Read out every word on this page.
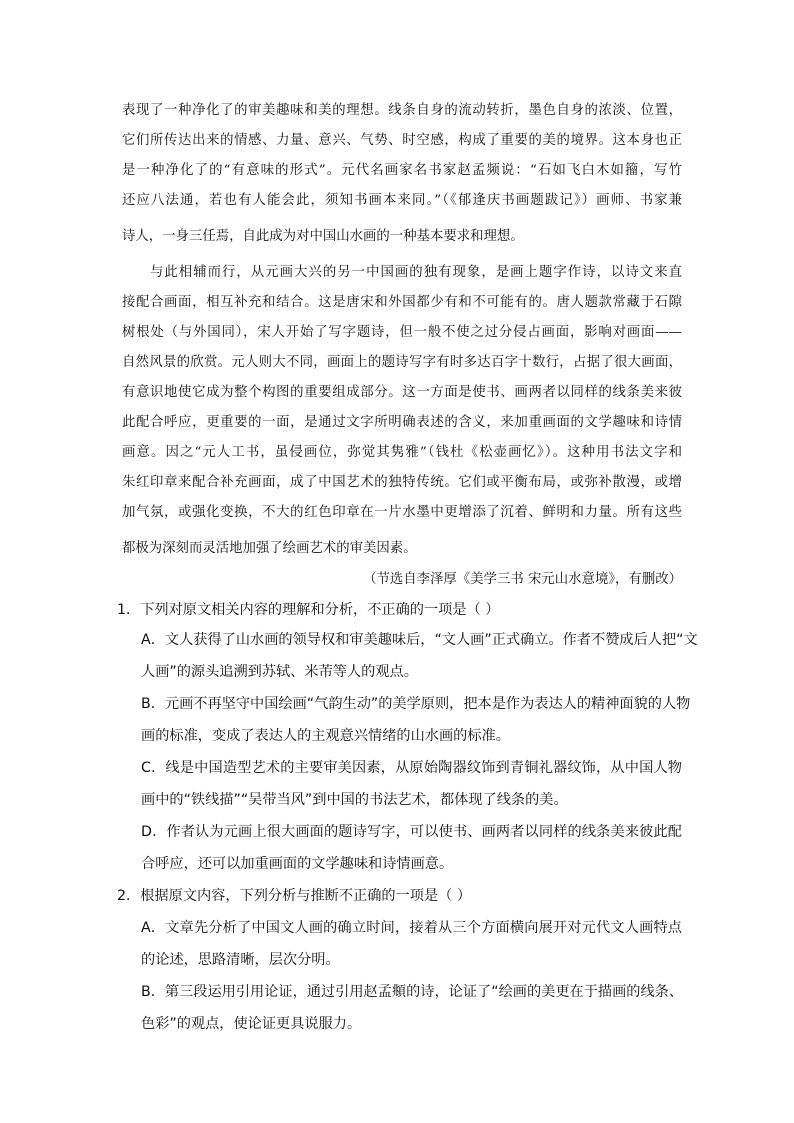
表现了一种净化了的审美趣味和美的理想。线条自身的流动转折，墨色自身的浓淡、位置，
它们所传达出来的情感、力量、意兴、气势、时空感，构成了重要的美的境界。这本身也正
是一种净化了的“有意味的形式”。元代名画家名书家赵孟频说：“石如飞白木如籀，写竹
还应八法通，若也有人能会此，须知书画本来同。”（《郁逢庆书画题跋记》）画师、书家兼
诗人，一身三任焉，自此成为对中国山水画的一种基本要求和理想。
与此相辅而行，从元画大兴的另一中国画的独有现象，是画上题字作诗，以诗文来直
接配合画面，相互补充和结合。这是唐宋和外国都少有和不可能有的。唐人题款常藏于石隙
树根处（与外国同），宋人开始了写字题诗，但一般不使之过分侵占画面，影响对画面——
自然风景的欣赏。元人则大不同，画面上的题诗写字有时多达百字十数行，占据了很大画面，
有意识地使它成为整个构图的重要组成部分。这一方面是使书、画两者以同样的线条美来彼
此配合呼应，更重要的一面，是通过文字所明确表述的含义，来加重画面的文学趣味和诗情
画意。因之“元人工书，虽侵画位，弥觉其隽雅”（钱杜《松壶画忆》）。这种用书法文字和
朱红印章来配合补充画面，成了中国艺术的独特传统。它们或平衡布局，或弥补散漫，或增
加气氛，或强化变换，不大的红色印章在一片水墨中更增添了沉着、鲜明和力量。所有这些
都极为深刻而灵活地加强了绘画艺术的审美因素。
（节选自李泽厚《美学三书 宋元山水意境》，有删改）
1．下列对原文相关内容的理解和分析，不正确的一项是（ ）
A．文人获得了山水画的领导权和审美趣味后，“文人画”正式确立。作者不赞成后人把“文
人画”的源头追溯到苏轼、米芾等人的观点。
B．元画不再坚守中国绘画“气韵生动”的美学原则，把本是作为表达人的精神面貌的人物
画的标准，变成了表达人的主观意兴情绪的山水画的标准。
C．线是中国造型艺术的主要审美因素，从原始陶器纹饰到青铜礼器纹饰，从中国人物
画中的“铁线描”“吴带当风”到中国的书法艺术，都体现了线条的美。
D．作者认为元画上很大画面的题诗写字，可以使书、画两者以同样的线条美来彼此配
合呼应，还可以加重画面的文学趣味和诗情画意。
2．根据原文内容，下列分析与推断不正确的一项是（ ）
A．文章先分析了中国文人画的确立时间，接着从三个方面横向展开对元代文人画特点
的论述，思路清晰，层次分明。
B．第三段运用引用论证，通过引用赵孟頫的诗，论证了“绘画的美更在于描画的线条、
色彩”的观点，使论证更具说服力。
